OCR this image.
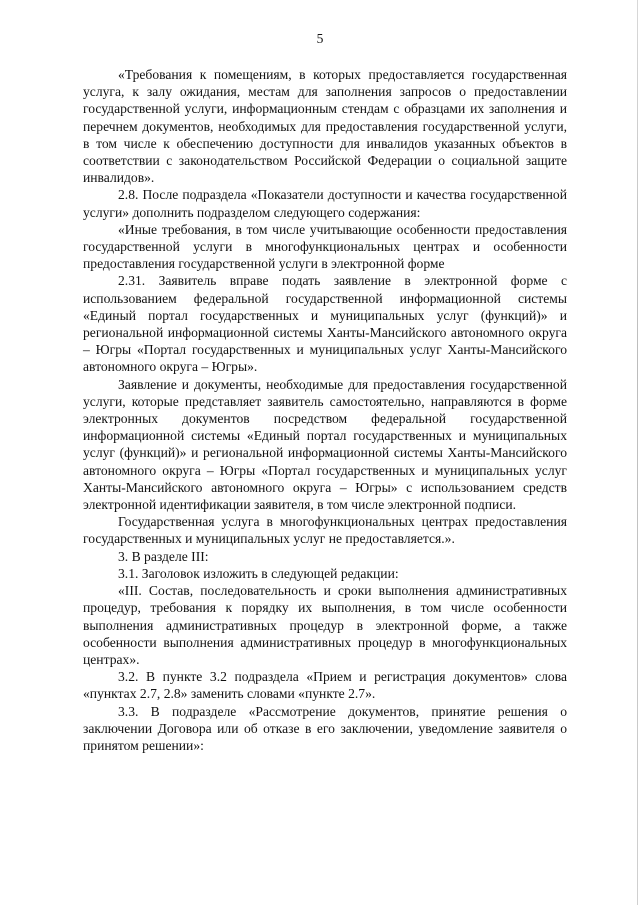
5

«Требования к помещениям, в которых предоставляется государственная услуга, к залу ожидания, местам для заполнения запросов о предоставлении государственной услуги, информационным стендам с образцами их заполнения и перечнем документов, необходимых для предоставления государственной услуги, в том числе к обеспечению доступности для инвалидов указанных объектов в соответствии с законодательством Российской Федерации о социальной защите инвалидов».

2.8. После подраздела «Показатели доступности и качества государственной услуги» дополнить подразделом следующего содержания:

«Иные требования, в том числе учитывающие особенности предоставления государственной услуги в многофункциональных центрах и особенности предоставления государственной услуги в электронной форме

2.31. Заявитель вправе подать заявление в электронной форме с использованием федеральной государственной информационной системы «Единый портал государственных и муниципальных услуг (функций)» и региональной информационной системы Ханты-Мансийского автономного округа – Югры «Портал государственных и муниципальных услуг Ханты-Мансийского автономного округа – Югры».

Заявление и документы, необходимые для предоставления государственной услуги, которые представляет заявитель самостоятельно, направляются в форме электронных документов посредством федеральной государственной информационной системы «Единый портал государственных и муниципальных услуг (функций)» и региональной информационной системы Ханты-Мансийского автономного округа – Югры «Портал государственных и муниципальных услуг Ханты-Мансийского автономного округа – Югры» с использованием средств электронной идентификации заявителя, в том числе электронной подписи.

Государственная услуга в многофункциональных центрах предоставления государственных и муниципальных услуг не предоставляется.».

3. В разделе III:

3.1. Заголовок изложить в следующей редакции:

«III. Состав, последовательность и сроки выполнения административных процедур, требования к порядку их выполнения, в том числе особенности выполнения административных процедур в электронной форме, а также особенности выполнения административных процедур в многофункциональных центрах».

3.2. В пункте 3.2 подраздела «Прием и регистрация документов» слова «пунктах 2.7, 2.8» заменить словами «пункте 2.7».

3.3. В подразделе «Рассмотрение документов, принятие решения о заключении Договора или об отказе в его заключении, уведомление заявителя о принятом решении»:
